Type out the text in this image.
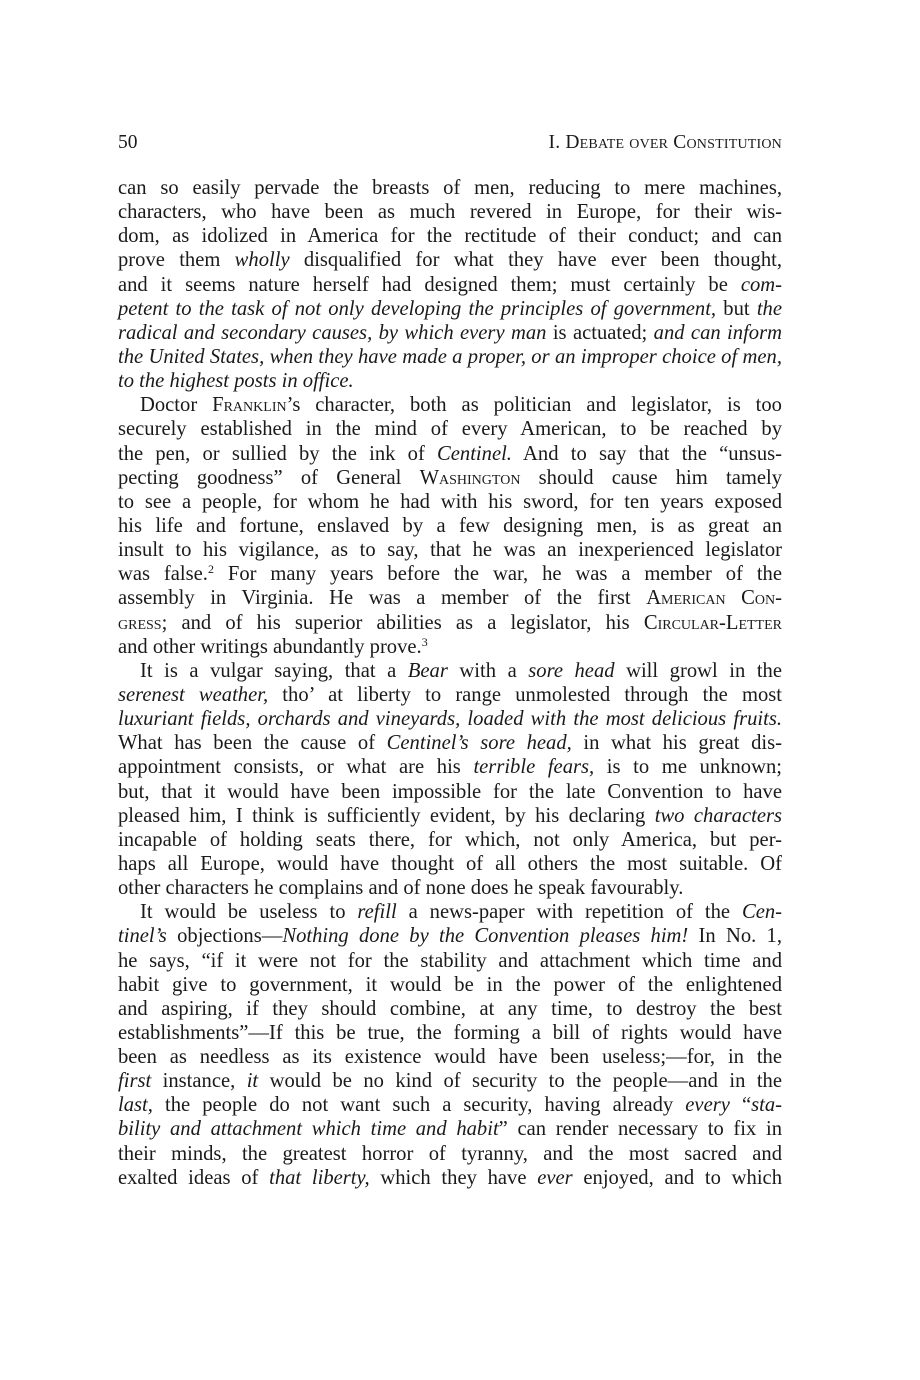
50	I. Debate over Constitution
can so easily pervade the breasts of men, reducing to mere machines,
characters, who have been as much revered in Europe, for their wis-
dom, as idolized in America for the rectitude of their conduct; and can
prove them wholly disqualified for what they have ever been thought,
and it seems nature herself had designed them; must certainly be com-
petent to the task of not only developing the principles of government, but the
radical and secondary causes, by which every man is actuated; and can inform
the United States, when they have made a proper, or an improper choice of men,
to the highest posts in office.
Doctor Franklin’s character, both as politician and legislator, is too
securely established in the mind of every American, to be reached by
the pen, or sullied by the ink of Centinel. And to say that the “unsus-
pecting goodness” of General Washington should cause him tamely
to see a people, for whom he had with his sword, for ten years exposed
his life and fortune, enslaved by a few designing men, is as great an
insult to his vigilance, as to say, that he was an inexperienced legislator
was false.$^2$ For many years before the war, he was a member of the
assembly in Virginia. He was a member of the first American Con-
gress; and of his superior abilities as a legislator, his Circular-Letter
and other writings abundantly prove.$^3$
It is a vulgar saying, that a Bear with a sore head will growl in the
serenest weather, tho’ at liberty to range unmolested through the most
luxuriant fields, orchards and vineyards, loaded with the most delicious fruits.
What has been the cause of Centinel’s sore head, in what his great dis-
appointment consists, or what are his terrible fears, is to me unknown;
but, that it would have been impossible for the late Convention to have
pleased him, I think is sufficiently evident, by his declaring two characters
incapable of holding seats there, for which, not only America, but per-
haps all Europe, would have thought of all others the most suitable. Of
other characters he complains and of none does he speak favourably.
It would be useless to refill a news-paper with repetition of the Cen-
tinel’s objections—Nothing done by the Convention pleases him! In No. 1,
he says, “if it were not for the stability and attachment which time and
habit give to government, it would be in the power of the enlightened
and aspiring, if they should combine, at any time, to destroy the best
establishments”—If this be true, the forming a bill of rights would have
been as needless as its existence would have been useless;—for, in the
first instance, it would be no kind of security to the people—and in the
last, the people do not want such a security, having already every “sta-
bility and attachment which time and habit” can render necessary to fix in
their minds, the greatest horror of tyranny, and the most sacred and
exalted ideas of that liberty, which they have ever enjoyed, and to which
